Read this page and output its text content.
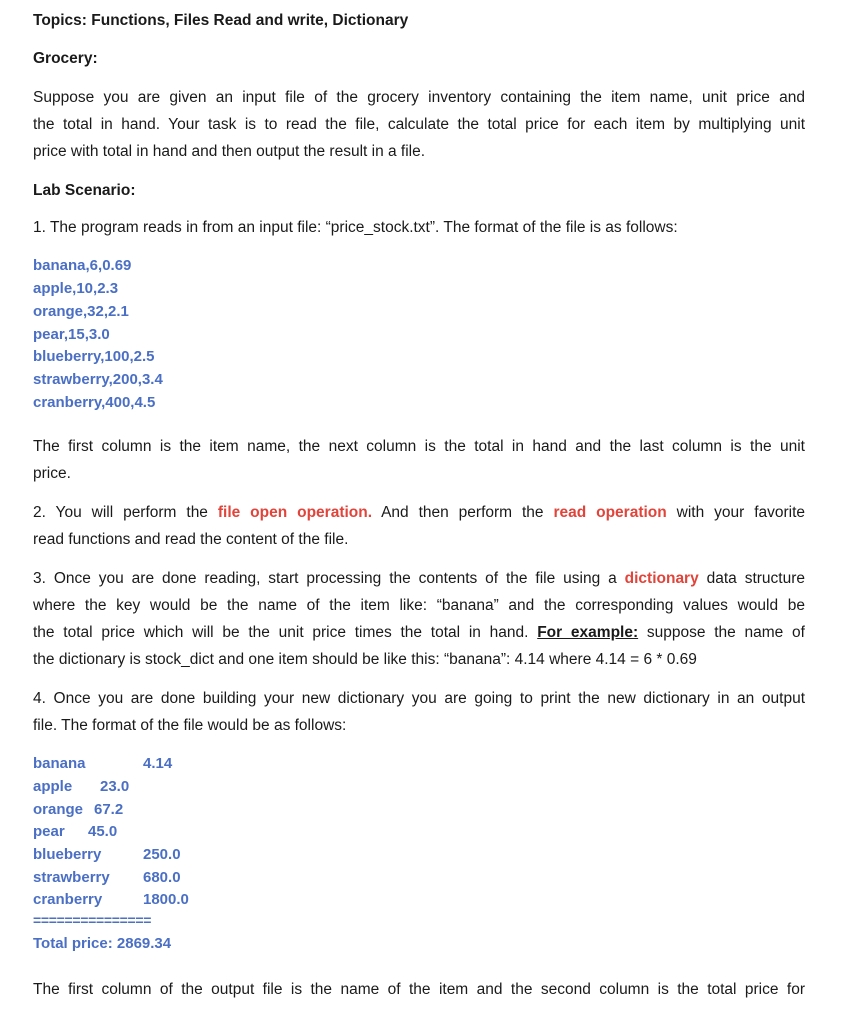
Topics: Functions, Files Read and write, Dictionary
Grocery:
Suppose you are given an input file of the grocery inventory containing the item name, unit price and
the total in hand. Your task is to read the file, calculate the total price for each item by multiplying unit
price with total in hand and then output the result in a file.
Lab Scenario:
1. The program reads in from an input file: “price_stock.txt”. The format of the file is as follows:
banana,6,0.69
apple,10,2.3
orange,32,2.1
pear,15,3.0
blueberry,100,2.5
strawberry,200,3.4
cranberry,400,4.5
The first column is the item name, the next column is the total in hand and the last column is the unit
price.
2. You will perform the file open operation. And then perform the read operation with your favorite
read functions and read the content of the file.
3. Once you are done reading, start processing the contents of the file using a dictionary data structure
where the key would be the name of the item like: “banana” and the corresponding values would be
the total price which will be the unit price times the total in hand. For example: suppose the name of
the dictionary is stock_dict and one item should be like this: “banana”: 4.14 where 4.14 = 6 * 0.69
4. Once you are done building your new dictionary you are going to print the new dictionary in an output
file. The format of the file would be as follows:
banana	4.14
apple 23.0
orange 67.2
pear 45.0
blueberry	250.0
strawberry 680.0
cranberry	1800.0
===============
Total price: 2869.34
The first column of the output file is the name of the item and the second column is the total price for
